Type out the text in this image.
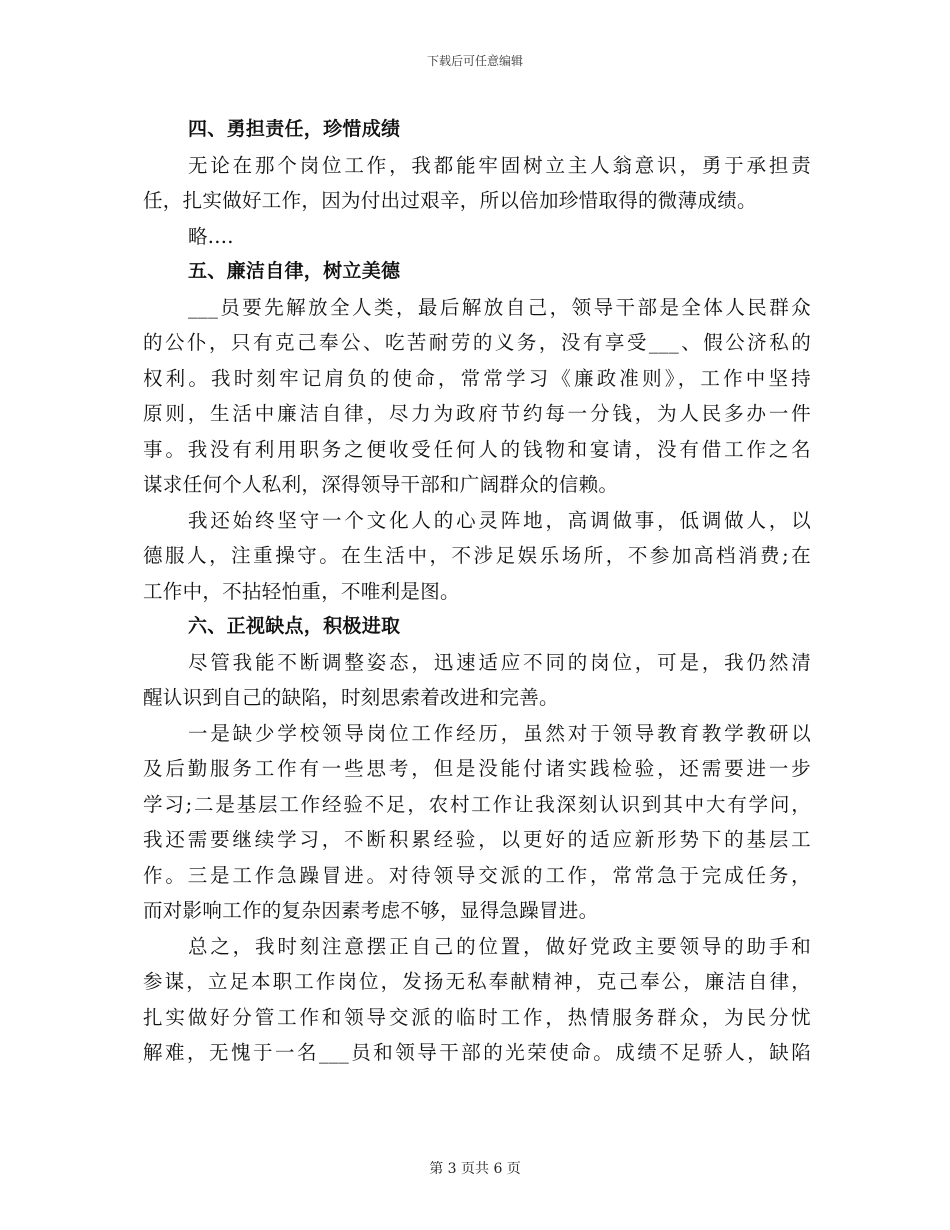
下载后可任意编辑
四、勇担责任，珍惜成绩
无论在那个岗位工作，我都能牢固树立主人翁意识，勇于承担责
任，扎实做好工作，因为付出过艰辛，所以倍加珍惜取得的微薄成绩。
略....
五、廉洁自律，树立美德
___员要先解放全人类，最后解放自己，领导干部是全体人民群众
的公仆，只有克己奉公、吃苦耐劳的义务，没有享受___、假公济私的
权利。我时刻牢记肩负的使命，常常学习《廉政准则》，工作中坚持
原则，生活中廉洁自律，尽力为政府节约每一分钱，为人民多办一件
事。我没有利用职务之便收受任何人的钱物和宴请，没有借工作之名
谋求任何个人私利，深得领导干部和广阔群众的信赖。
我还始终坚守一个文化人的心灵阵地，高调做事，低调做人，以
德服人，注重操守。在生活中，不涉足娱乐场所，不参加高档消费;在
工作中，不拈轻怕重，不唯利是图。
六、正视缺点，积极进取
尽管我能不断调整姿态，迅速适应不同的岗位，可是，我仍然清
醒认识到自己的缺陷，时刻思索着改进和完善。
一是缺少学校领导岗位工作经历，虽然对于领导教育教学教研以
及后勤服务工作有一些思考，但是没能付诸实践检验，还需要进一步
学习;二是基层工作经验不足，农村工作让我深刻认识到其中大有学问，
我还需要继续学习，不断积累经验，以更好的适应新形势下的基层工
作。三是工作急躁冒进。对待领导交派的工作，常常急于完成任务，
而对影响工作的复杂因素考虑不够，显得急躁冒进。
总之，我时刻注意摆正自己的位置，做好党政主要领导的助手和
参谋，立足本职工作岗位，发扬无私奉献精神，克己奉公，廉洁自律，
扎实做好分管工作和领导交派的临时工作，热情服务群众，为民分忧
解难，无愧于一名___员和领导干部的光荣使命。成绩不足骄人，缺陷
第 3 页共 6 页
